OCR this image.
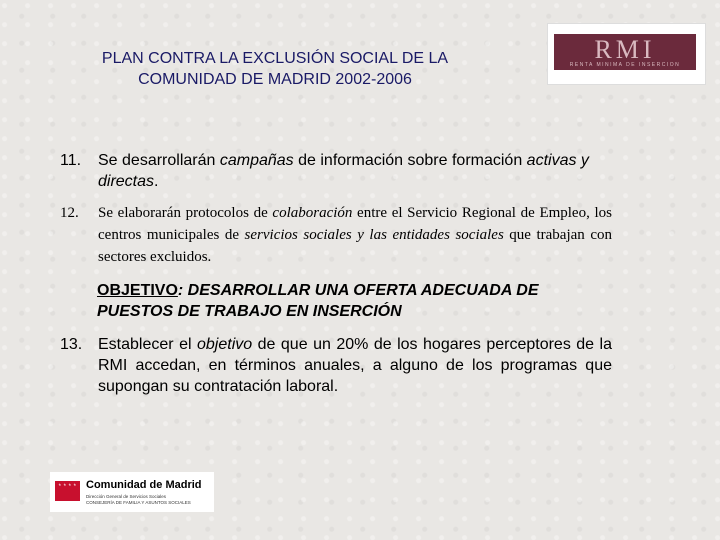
PLAN CONTRA LA EXCLUSIÓN SOCIAL DE LA
COMUNIDAD DE MADRID 2002-2006
RMI
RENTA MINIMA DE INSERCION
11.	Se desarrollarán campañas de información sobre formación activas y directas.
12.	Se elaborarán protocolos de colaboración entre el Servicio Regional de Empleo, los centros municipales de servicios sociales y las entidades sociales que trabajan con sectores excluidos.
OBJETIVO: DESARROLLAR UNA OFERTA ADECUADA DE PUESTOS DE TRABAJO EN INSERCIÓN
13. Establecer el objetivo de que un 20% de los hogares perceptores de la RMI accedan, en términos anuales, a alguno de los programas que supongan su contratación laboral.
* * * * Comunidad de Madrid
Dirección General de Servicios Sociales
CONSEJERÍA DE FAMILIA Y ASUNTOS SOCIALES
